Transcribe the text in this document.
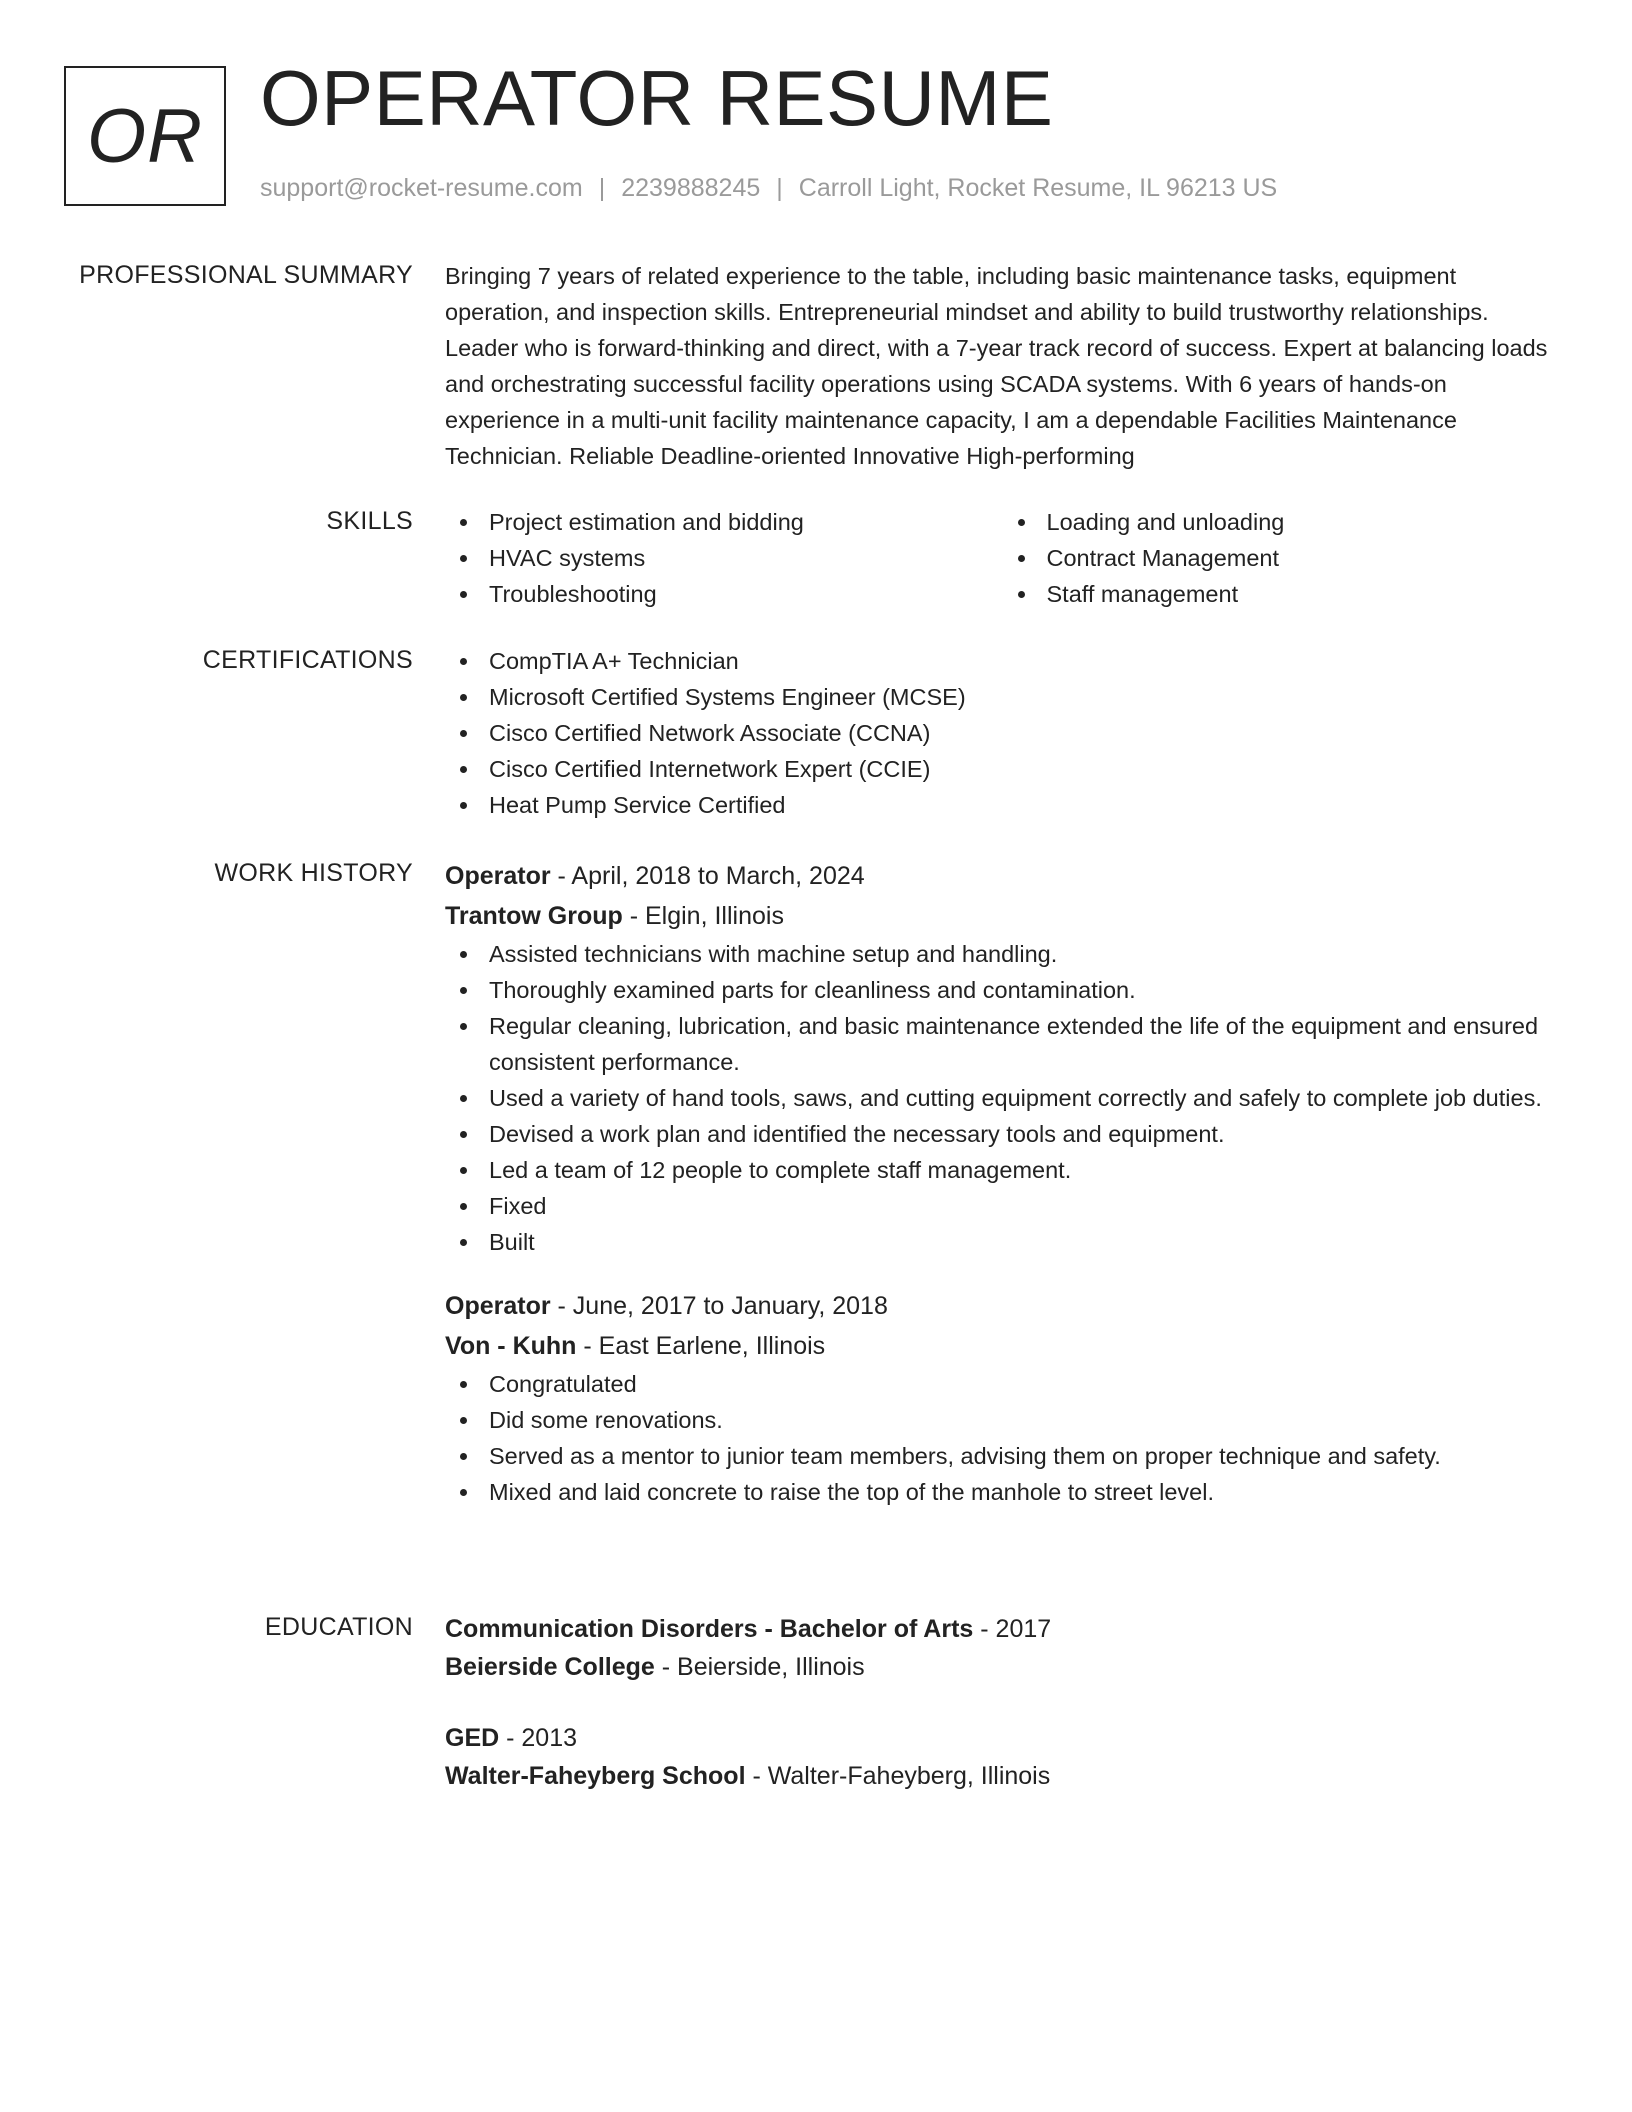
OR OPERATOR RESUME
support@rocket-resume.com | 2239888245 | Carroll Light, Rocket Resume, IL 96213 US
PROFESSIONAL SUMMARY Bringing 7 years of related experience to the table, including basic maintenance tasks, equipment operation, and inspection skills. Entrepreneurial mindset and ability to build trustworthy relationships. Leader who is forward-thinking and direct, with a 7-year track record of success. Expert at balancing loads and orchestrating successful facility operations using SCADA systems. With 6 years of hands-on experience in a multi-unit facility maintenance capacity, I am a dependable Facilities Maintenance Technician. Reliable Deadline-oriented Innovative High-performing

SKILLS	Project estimation and bidding
HVAC systems
Troubleshooting
Loading and unloading
Contract Management
Staff management
CERTIFICATIONS	CompTIA A+ Technician
Microsoft Certified Systems Engineer (MCSE)
Cisco Certified Network Associate (CCNA)
Cisco Certified Internetwork Expert (CCIE)
Heat Pump Service Certified
WORK HISTORY Operator - April, 2018 to March, 2024
Trantow Group - Elgin, Illinois
Assisted technicians with machine setup and handling.
Thoroughly examined parts for cleanliness and contamination.
Regular cleaning, lubrication, and basic maintenance extended the life of the equipment and ensured consistent performance.
Used a variety of hand tools, saws, and cutting equipment correctly and safely to complete job duties.
Devised a work plan and identified the necessary tools and equipment.
Led a team of 12 people to complete staff management.
Fixed
Built
Operator - June, 2017 to January, 2018
Von - Kuhn - East Earlene, Illinois
Congratulated
Did some renovations.
Served as a mentor to junior team members, advising them on proper technique and safety.
Mixed and laid concrete to raise the top of the manhole to street level.
EDUCATION Communication Disorders - Bachelor of Arts - 2017
Beierside College - Beierside, Illinois
GED - 2013
Walter-Faheyberg School - Walter-Faheyberg, Illinois
